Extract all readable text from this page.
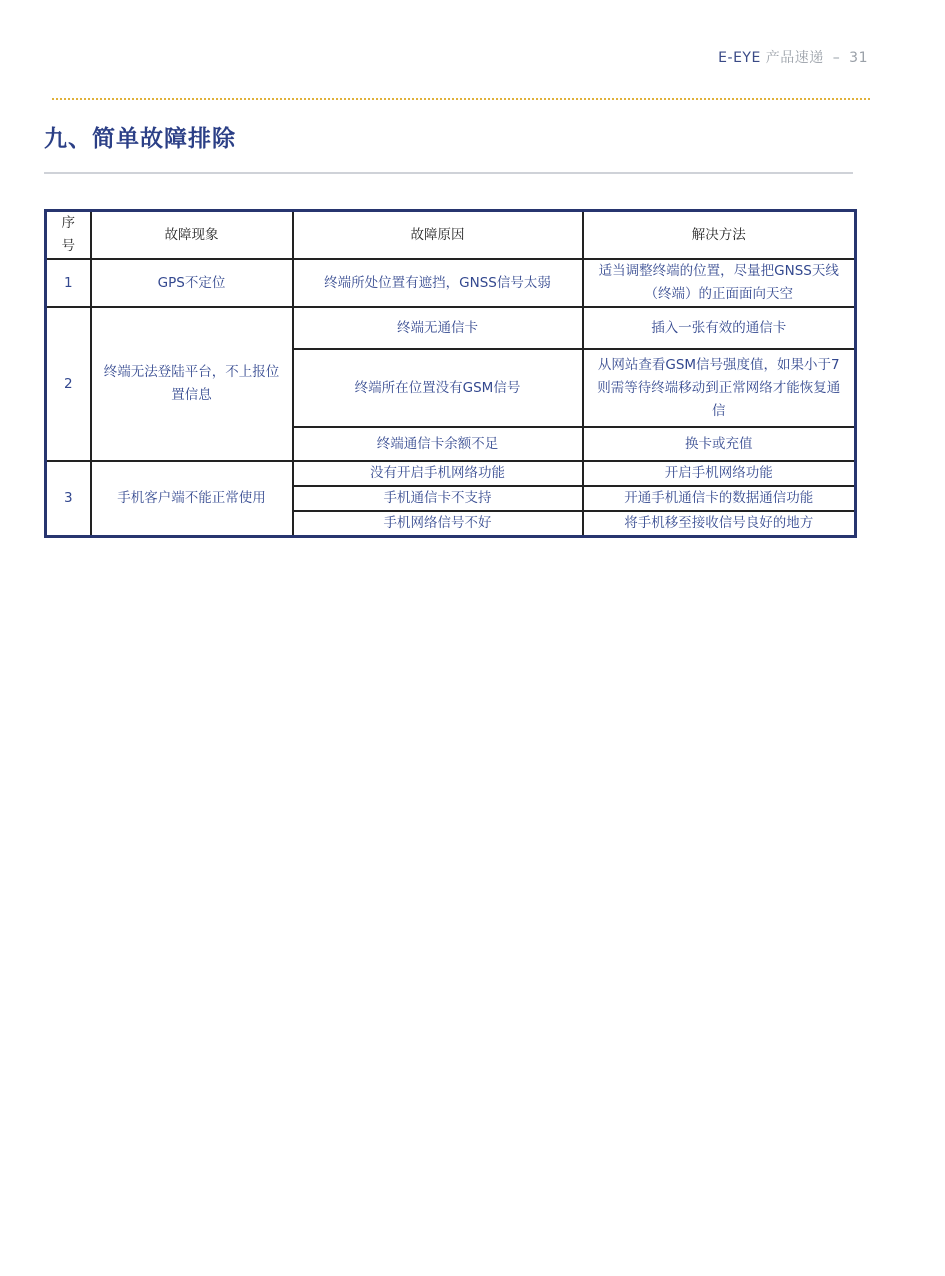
E-EYE 产品速递 – 31
九、简单故障排除
序号	故障现象	故障原因	解决方法
1	GPS不定位	终端所处位置有遮挡，GNSS信号太弱	适当调整终端的位置，尽量把GNSS天线（终端）的正面面向天空
2	终端无法登陆平台，不上报位置信息	终端无通信卡	插入一张有效的通信卡
		终端所在位置没有GSM信号	从网站查看GSM信号强度值，如果小于7则需等待终端移动到正常网络才能恢复通信
		终端通信卡余额不足	换卡或充值
3	手机客户端不能正常使用	没有开启手机网络功能	开启手机网络功能
		手机通信卡不支持	开通手机通信卡的数据通信功能
		手机网络信号不好	将手机移至接收信号良好的地方
